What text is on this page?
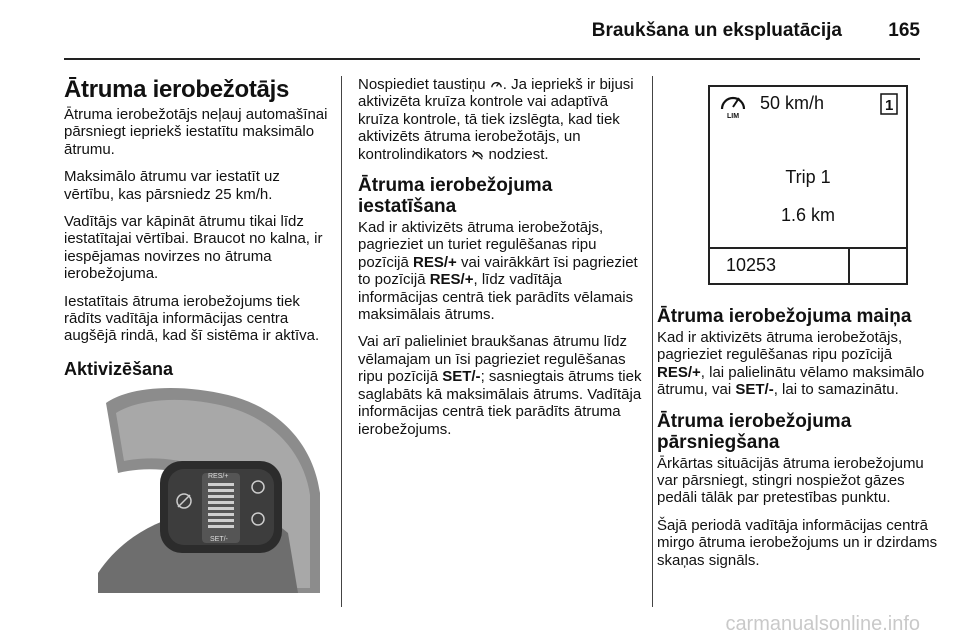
Braukšana un ekspluatācija 165
Ātruma ierobežotājs

Ātruma ierobežotājs neļauj automašīnai pārsniegt iepriekš iestatītu maksimālo ātrumu.

Maksimālo ātrumu var iestatīt uz vērtību, kas pārsniedz 25 km/h.

Vadītājs var kāpināt ātrumu tikai līdz iestatītajai vērtībai. Braucot no kalna, ir iespējamas novirzes no ātruma ierobežojuma.

Iestatītais ātruma ierobežojums tiek rādīts vadītāja informācijas centra augšējā rindā, kad šī sistēma ir aktīva.

Aktivizēšana
RES/+
SET/-

Nospiediet taustiņu . Ja iepriekš ir bijusi aktivizēta kruīza kontrole vai adaptīvā kruīza kontrole, tā tiek izslēgta, kad tiek aktivizēts ātruma ierobežotājs, un kontrolindikators  nodziest.

Ātruma ierobežojuma iestatīšana

Kad ir aktivizēts ātruma ierobežotājs, pagrieziet un turiet regulēšanas ripu pozīcijā RES/+ vai vairākkārt īsi pagrieziet to pozīcijā RES/+, līdz vadītāja informācijas centrā tiek parādīts vēlamais maksimālais ātrums.

Vai arī palieliniet braukšanas ātrumu līdz vēlamajam un īsi pagrieziet regulēšanas ripu pozīcijā SET/-; sasniegtais ātrums tiek saglabāts kā maksimālais ātrums. Vadītāja informācijas centrā tiek parādīts ātruma ierobežojums.

LIM
50 km/h	1
Trip 1
1.6 km
10253
Ātruma ierobežojuma maiņa

Kad ir aktivizēts ātruma ierobežotājs, pagrieziet regulēšanas ripu pozīcijā RES/+, lai palielinātu vēlamo maksimālo ātrumu, vai SET/-, lai to samazinātu.

Ātruma ierobežojuma pārsniegšana

Ārkārtas situācijās ātruma ierobežojumu var pārsniegt, stingri nospiežot gāzes pedāli tālāk par pretestības punktu.

Šajā periodā vadītāja informācijas centrā mirgo ātruma ierobežojums un ir dzirdams skaņas signāls.

carmanualsonline.info
